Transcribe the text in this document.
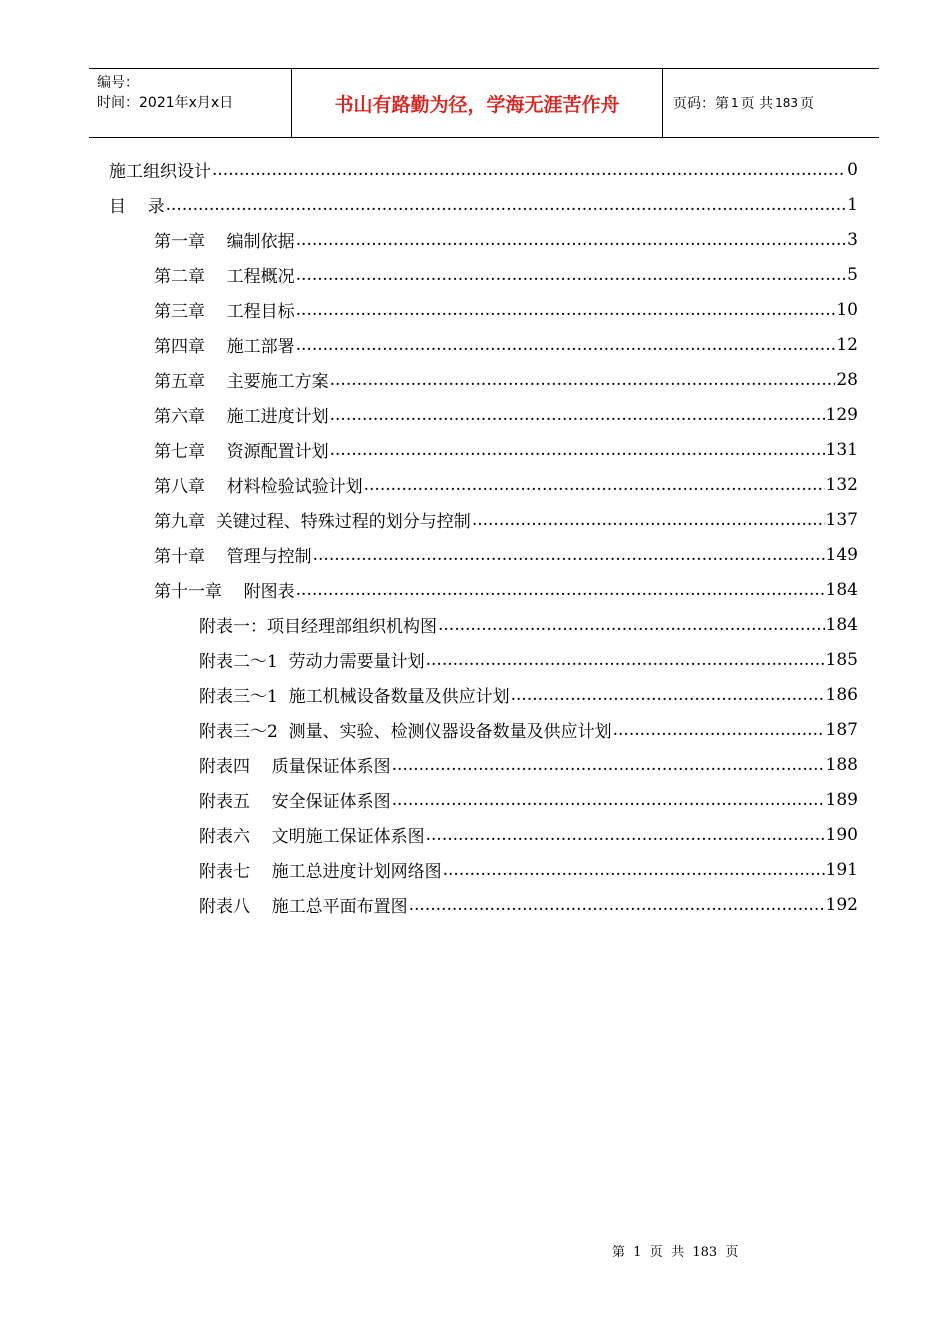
编号：
时间：2021年x月x日	书山有路勤为径，学海无涯苦作舟	页码：第 1 页 共 183 页
施工组织设计 .....	0
目    录 .....	1
第一章    编制依据 .....	3
第二章    工程概况 .....	5
第三章    工程目标 .....	10
第四章    施工部署 .....	12
第五章    主要施工方案 .....	28
第六章    施工进度计划 .....	129
第七章    资源配置计划 .....	131
第八章    材料检验试验计划 .....	132
第九章  关键过程、特殊过程的划分与控制 .....	137
第十章    管理与控制 .....	149
第十一章    附图表 .....	184
附表一：项目经理部组织机构图 .....	184
附表二～1  劳动力需要量计划 .....	185
附表三～1  施工机械设备数量及供应计划 .....	186
附表三～2  测量、实验、检测仪器设备数量及供应计划 .....	187
附表四    质量保证体系图 .....	188
附表五    安全保证体系图 .....	189
附表六    文明施工保证体系图 .....	190
附表七    施工总进度计划网络图 .....	191
附表八    施工总平面布置图 .....	192
第  1  页  共  183  页
